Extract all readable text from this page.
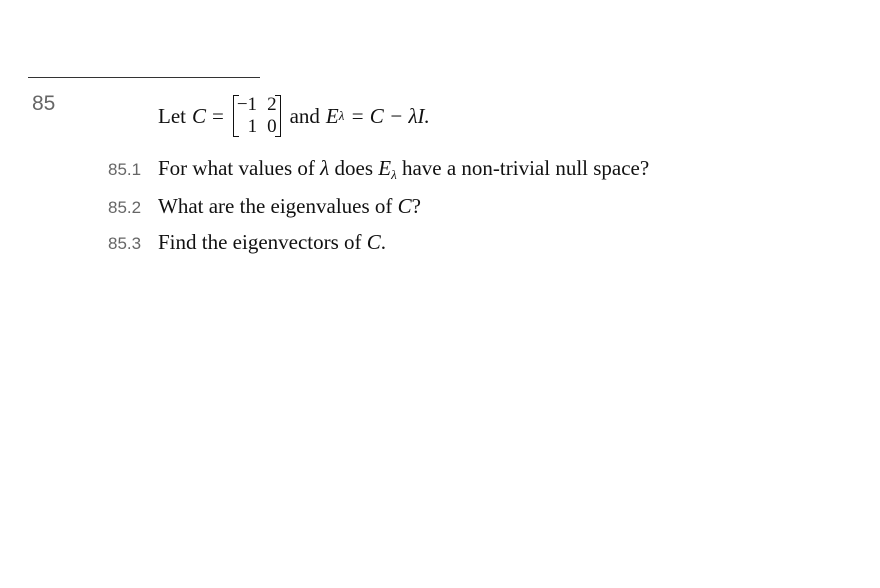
85	Let C = −1 2
1 0 and E λ = C − λI.
85.1 For what values of λ does $E_\lambda$ have a non-trivial null space?
85.2 What are the eigenvalues of C?
85.3 Find the eigenvectors of C.
